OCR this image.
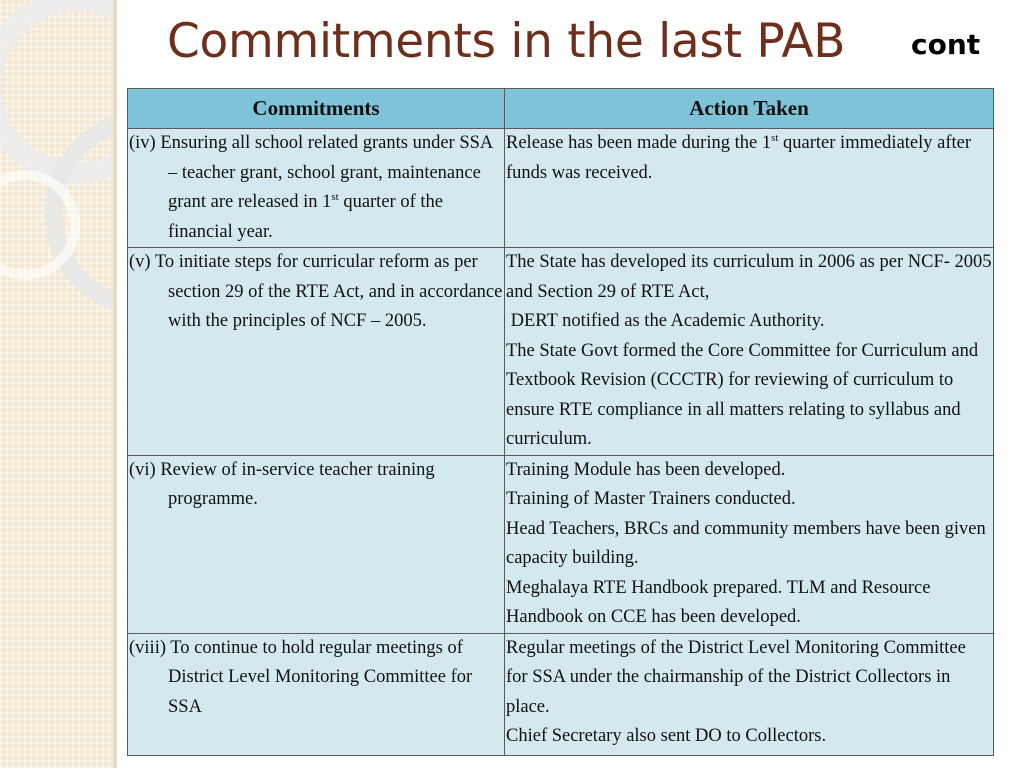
Commitments in the last PAB cont
Commitments	Action Taken

(iv) Ensuring all school related grants under SSA – teacher grant, school grant, maintenance grant are released in 1st quarter of the financial year.	Release has been made during the 1st quarter immediately after funds was received.

(v) To initiate steps for curricular reform as per section 29 of the RTE Act, and in accordance with the principles of NCF – 2005.	The State has developed its curriculum in 2006 as per NCF- 2005 and Section 29 of RTE Act,
DERT notified as the Academic Authority.
The State Govt formed the Core Committee for Curriculum and Textbook Revision (CCCTR) for reviewing of curriculum to ensure RTE compliance in all matters relating to syllabus and curriculum.

(vi) Review of in-service teacher training programme.	Training Module has been developed.
Training of Master Trainers conducted.
Head Teachers, BRCs and community members have been given capacity building.
Meghalaya RTE Handbook prepared. TLM and Resource Handbook on CCE has been developed.

(viii) To continue to hold regular meetings of District Level Monitoring Committee for SSA	Regular meetings of the District Level Monitoring Committee for SSA under the chairmanship of the District Collectors in place.
Chief Secretary also sent DO to Collectors.
